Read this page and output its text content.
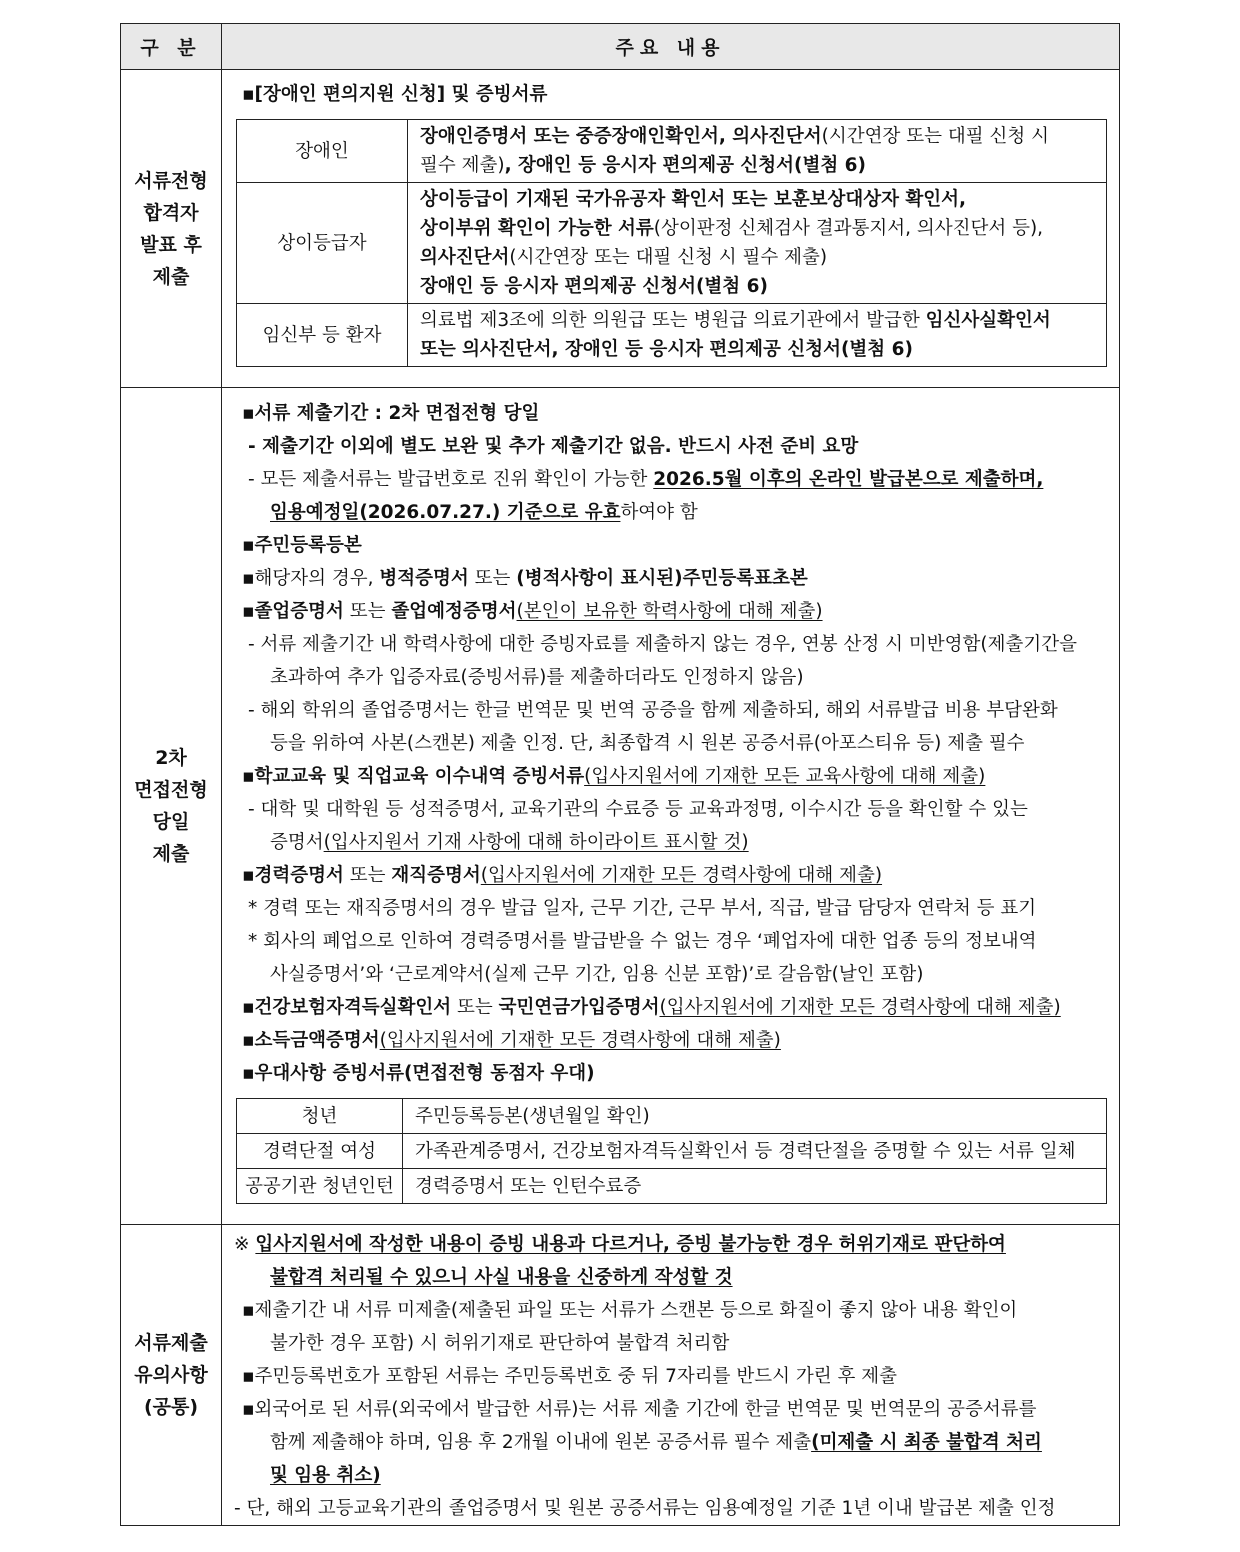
구 분	주요 내용

서류전형
합격자
발표 후
제출

▪[장애인 편의지원 신청] 및 증빙서류
장애인	
장애인증명서 또는 중증장애인확인서, 의사진단서(시간연장 또는 대필 신청 시
필수 제출), 장애인 등 응시자 편의제공 신청서(별첨 6)

상이등급자	
상이등급이 기재된 국가유공자 확인서 또는 보훈보상대상자 확인서,
상이부위 확인이 가능한 서류(상이판정 신체검사 결과통지서, 의사진단서 등),
의사진단서(시간연장 또는 대필 신청 시 필수 제출)
장애인 등 응시자 편의제공 신청서(별첨 6)

임신부 등 환자	
의료법 제3조에 의한 의원급 또는 병원급 의료기관에서 발급한 임신사실확인서
또는 의사진단서, 장애인 등 응시자 편의제공 신청서(별첨 6)

2차
면접전형
당일
제출

▪서류 제출기간 : 2차 면접전형 당일
- 제출기간 이외에 별도 보완 및 추가 제출기간 없음. 반드시 사전 준비 요망
- 모든 제출서류는 발급번호로 진위 확인이 가능한 2026.5월 이후의 온라인 발급본으로 제출하며,
임용예정일(2026.07.27.) 기준으로 유효하여야 함
▪주민등록등본
▪해당자의 경우, 병적증명서 또는 (병적사항이 표시된)주민등록표초본
▪졸업증명서 또는 졸업예정증명서(본인이 보유한 학력사항에 대해 제출)
- 서류 제출기간 내 학력사항에 대한 증빙자료를 제출하지 않는 경우, 연봉 산정 시 미반영함(제출기간을
초과하여 추가 입증자료(증빙서류)를 제출하더라도 인정하지 않음)
- 해외 학위의 졸업증명서는 한글 번역문 및 번역 공증을 함께 제출하되, 해외 서류발급 비용 부담완화
등을 위하여 사본(스캔본) 제출 인정. 단, 최종합격 시 원본 공증서류(아포스티유 등) 제출 필수
▪학교교육 및 직업교육 이수내역 증빙서류(입사지원서에 기재한 모든 교육사항에 대해 제출)
- 대학 및 대학원 등 성적증명서, 교육기관의 수료증 등 교육과정명, 이수시간 등을 확인할 수 있는
증명서(입사지원서 기재 사항에 대해 하이라이트 표시할 것)
▪경력증명서 또는 재직증명서(입사지원서에 기재한 모든 경력사항에 대해 제출)
* 경력 또는 재직증명서의 경우 발급 일자, 근무 기간, 근무 부서, 직급, 발급 담당자 연락처 등 표기
* 회사의 폐업으로 인하여 경력증명서를 발급받을 수 없는 경우 ‘폐업자에 대한 업종 등의 정보내역
사실증명서’와 ‘근로계약서(실제 근무 기간, 임용 신분 포함)’로 갈음함(날인 포함)
▪건강보험자격득실확인서 또는 국민연금가입증명서(입사지원서에 기재한 모든 경력사항에 대해 제출)
▪소득금액증명서(입사지원서에 기재한 모든 경력사항에 대해 제출)
▪우대사항 증빙서류(면접전형 동점자 우대)
청년	주민등록등본(생년월일 확인)
경력단절 여성	가족관계증명서, 건강보험자격득실확인서 등 경력단절을 증명할 수 있는 서류 일체
공공기관 청년인턴	경력증명서 또는 인턴수료증

서류제출
유의사항
(공통)

※ 입사지원서에 작성한 내용이 증빙 내용과 다르거나, 증빙 불가능한 경우 허위기재로 판단하여
불합격 처리될 수 있으니 사실 내용을 신중하게 작성할 것
▪제출기간 내 서류 미제출(제출된 파일 또는 서류가 스캔본 등으로 화질이 좋지 않아 내용 확인이
불가한 경우 포함) 시 허위기재로 판단하여 불합격 처리함
▪주민등록번호가 포함된 서류는 주민등록번호 중 뒤 7자리를 반드시 가린 후 제출
▪외국어로 된 서류(외국에서 발급한 서류)는 서류 제출 기간에 한글 번역문 및 번역문의 공증서류를
함께 제출해야 하며, 임용 후 2개월 이내에 원본 공증서류 필수 제출(미제출 시 최종 불합격 처리
및 임용 취소)
- 단, 해외 고등교육기관의 졸업증명서 및 원본 공증서류는 임용예정일 기준 1년 이내 발급본 제출 인정
